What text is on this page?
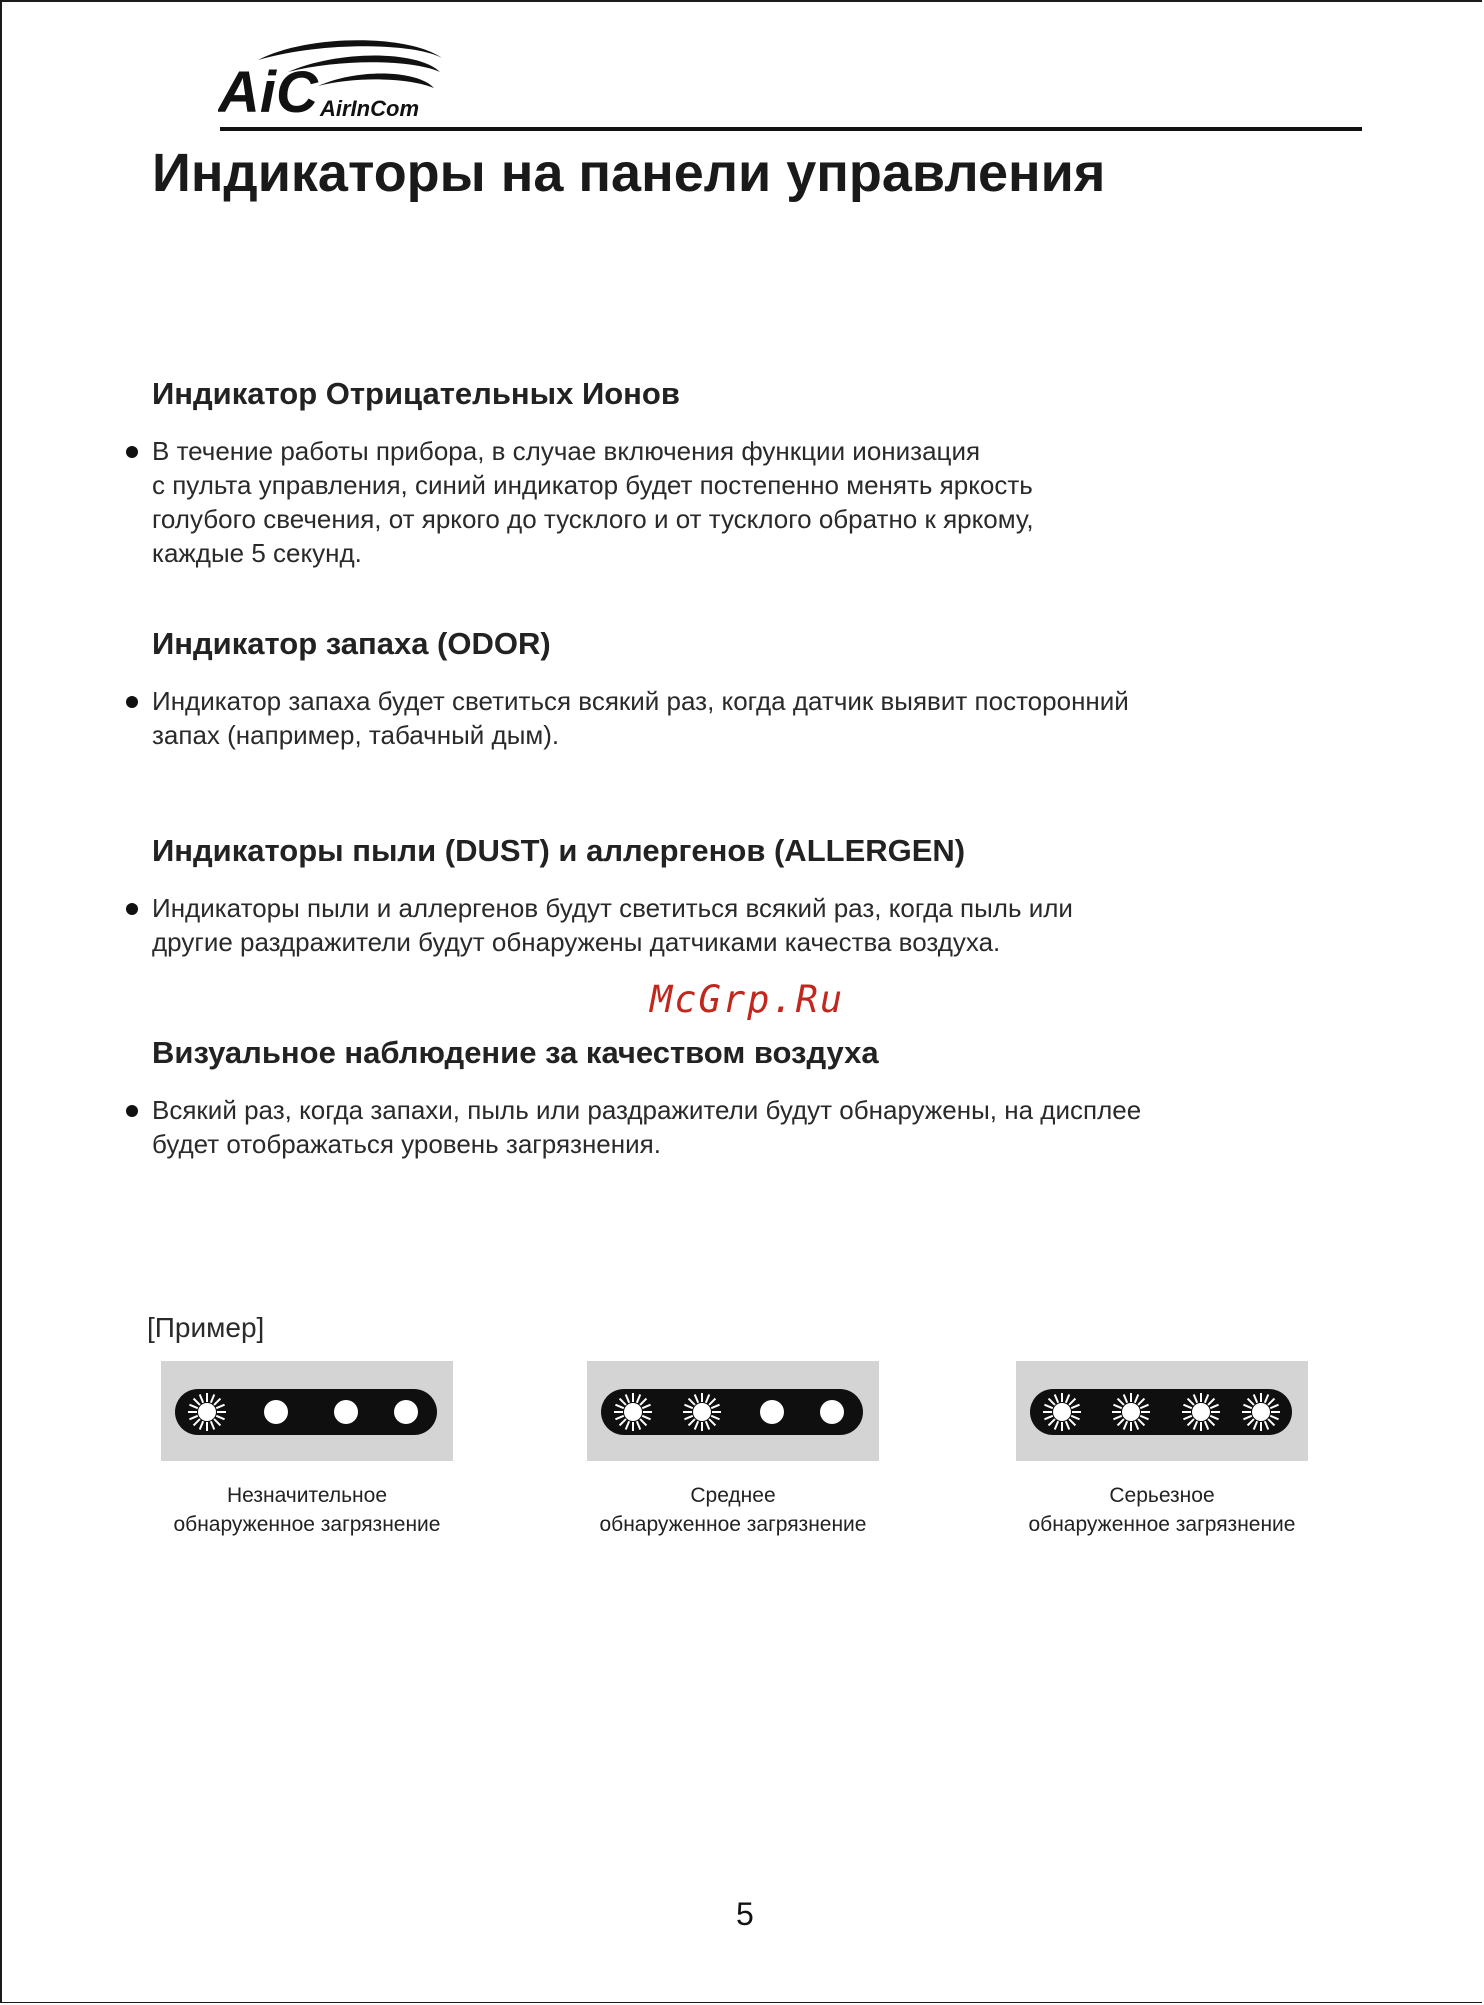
AiC AirInCom
Индикаторы на панели управления
Индикатор Отрицательных Ионов
В течение работы прибора, в случае включения функции ионизация
с пульта управления, синий индикатор будет постепенно менять яркость
голубого свечения, от яркого до тусклого и от тусклого обратно к яркому,
каждые 5 секунд.
Индикатор запаха (ODOR)
Индикатор запаха будет светиться всякий раз, когда датчик выявит посторонний
запах (например, табачный дым).
Индикаторы пыли (DUST) и аллергенов (ALLERGEN)
Индикаторы пыли и аллергенов будут светиться всякий раз, когда пыль или
другие раздражители будут обнаружены датчиками качества воздуха.
McGrp.Ru
Визуальное наблюдение за качеством воздуха
Всякий раз, когда запахи, пыль или раздражители будут обнаружены, на дисплее
будет отображаться уровень загрязнения.
[Пример]
Незначительное
обнаруженное загрязнение
Среднее
обнаруженное загрязнение
Серьезное
обнаруженное загрязнение
5
